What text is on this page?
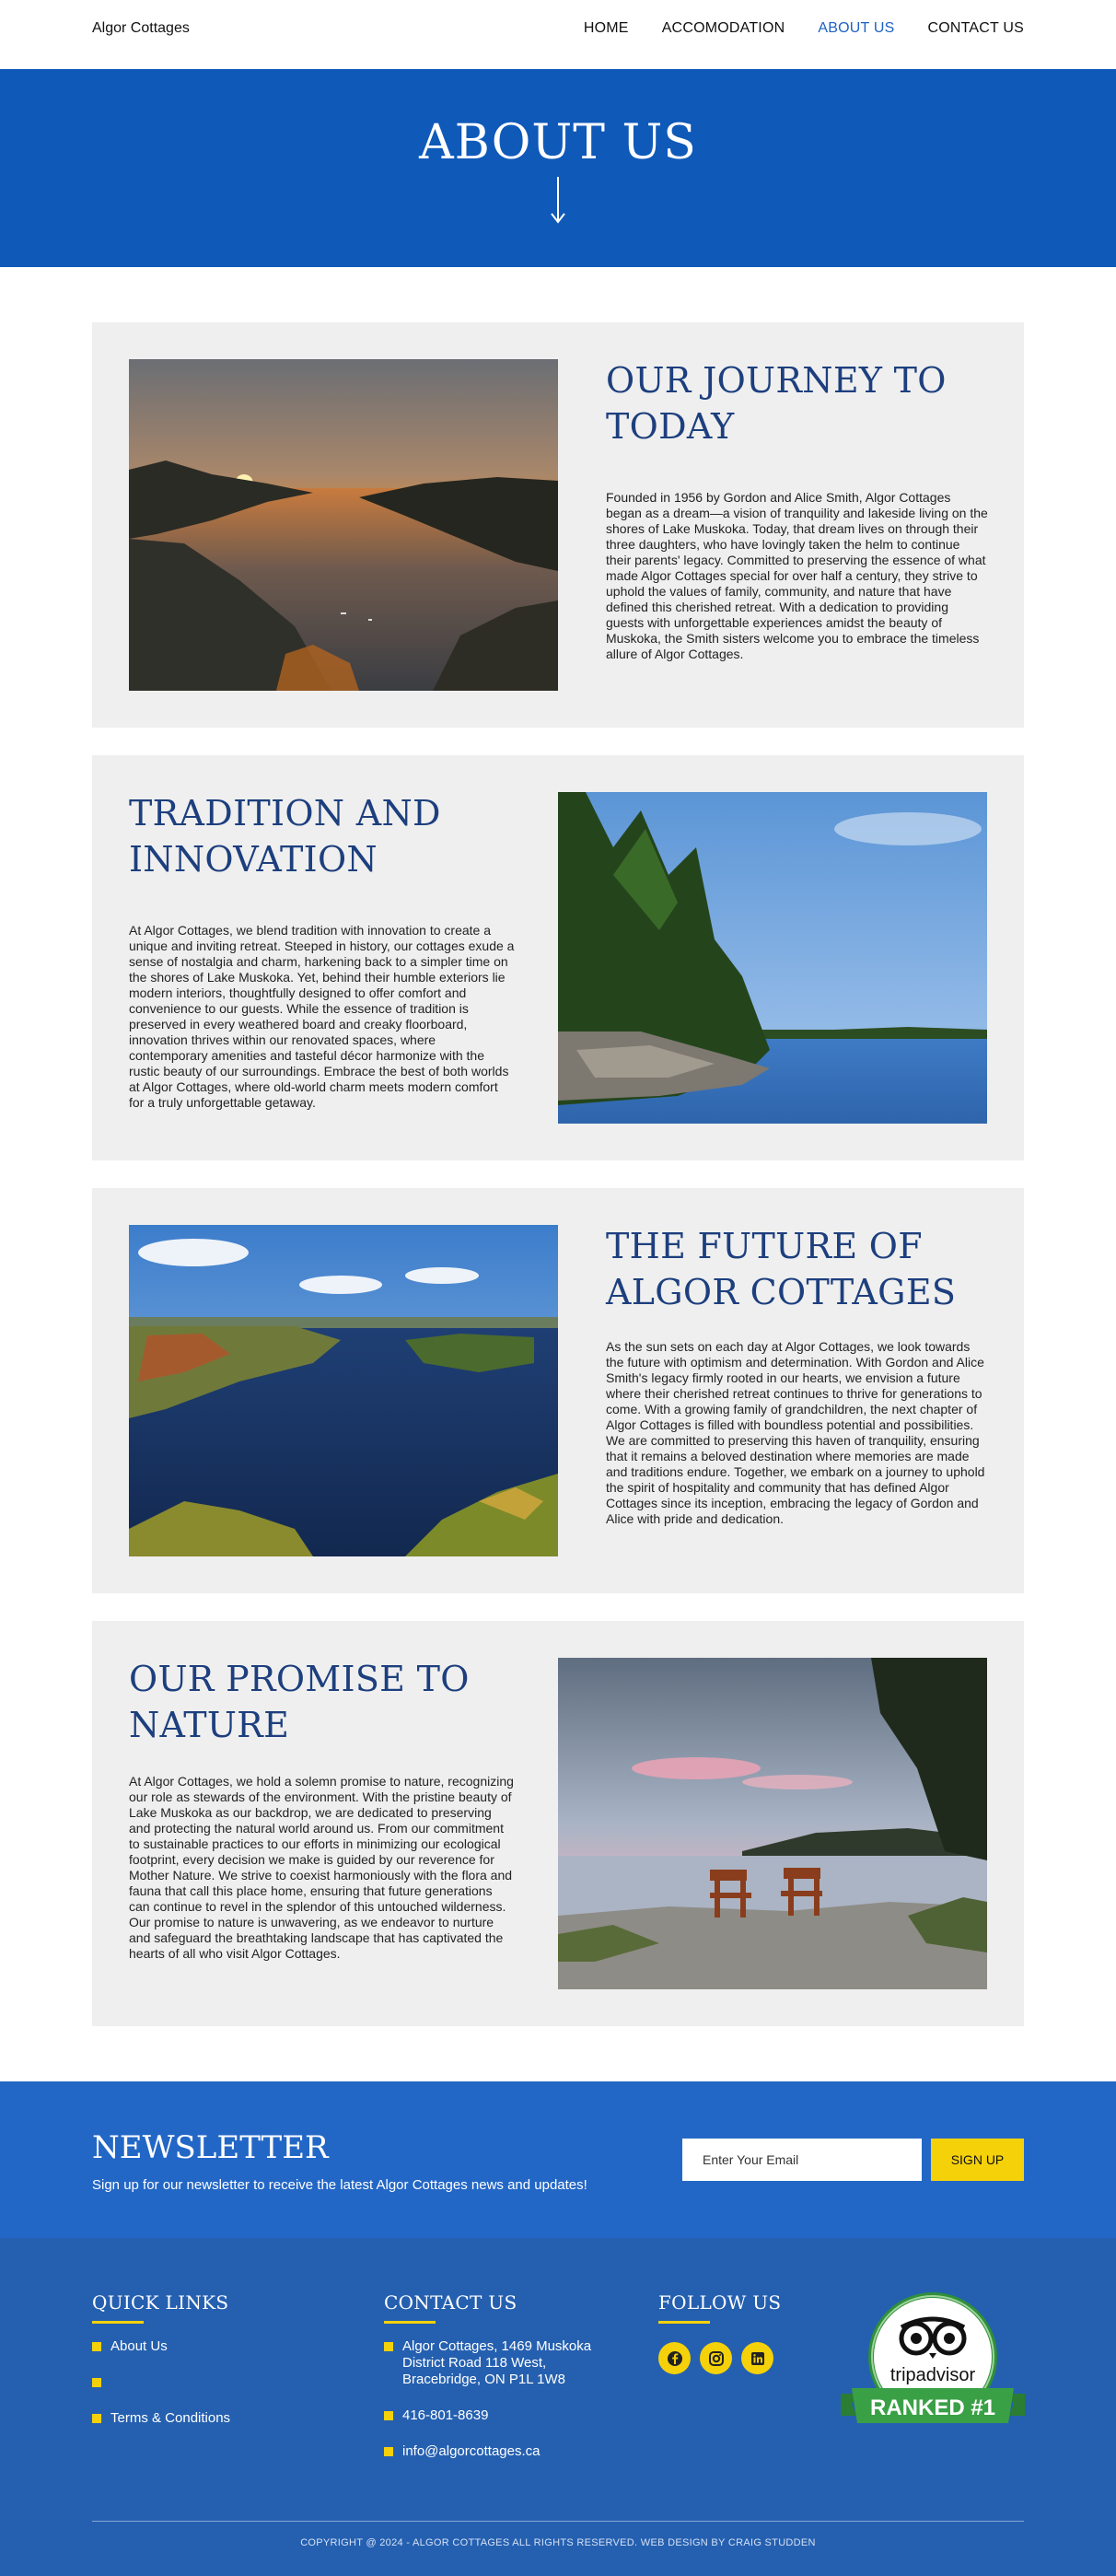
Algor Cottages	HOME ACCOMODATION ABOUT US CONTACT US
ABOUT US
OUR JOURNEY TO TODAY

Founded in 1956 by Gordon and Alice Smith, Algor Cottages began as a dream—a vision of tranquility and lakeside living on the shores of Lake Muskoka. Today, that dream lives on through their three daughters, who have lovingly taken the helm to continue their parents' legacy. Committed to preserving the essence of what made Algor Cottages special for over half a century, they strive to uphold the values of family, community, and nature that have defined this cherished retreat. With a dedication to providing guests with unforgettable experiences amidst the beauty of Muskoka, the Smith sisters welcome you to embrace the timeless allure of Algor Cottages.

TRADITION AND INNOVATION

At Algor Cottages, we blend tradition with innovation to create a unique and inviting retreat. Steeped in history, our cottages exude a sense of nostalgia and charm, harkening back to a simpler time on the shores of Lake Muskoka. Yet, behind their humble exteriors lie modern interiors, thoughtfully designed to offer comfort and convenience to our guests. While the essence of tradition is preserved in every weathered board and creaky floorboard, innovation thrives within our renovated spaces, where contemporary amenities and tasteful décor harmonize with the rustic beauty of our surroundings. Embrace the best of both worlds at Algor Cottages, where old-world charm meets modern comfort for a truly unforgettable getaway.

THE FUTURE OF ALGOR COTTAGES

As the sun sets on each day at Algor Cottages, we look towards the future with optimism and determination. With Gordon and Alice Smith's legacy firmly rooted in our hearts, we envision a future where their cherished retreat continues to thrive for generations to come. With a growing family of grandchildren, the next chapter of Algor Cottages is filled with boundless potential and possibilities. We are committed to preserving this haven of tranquility, ensuring that it remains a beloved destination where memories are made and traditions endure. Together, we embark on a journey to uphold the spirit of hospitality and community that has defined Algor Cottages since its inception, embracing the legacy of Gordon and Alice with pride and dedication.

OUR PROMISE TO NATURE

At Algor Cottages, we hold a solemn promise to nature, recognizing our role as stewards of the environment. With the pristine beauty of Lake Muskoka as our backdrop, we are dedicated to preserving and protecting the natural world around us. From our commitment to sustainable practices to our efforts in minimizing our ecological footprint, every decision we make is guided by our reverence for Mother Nature. We strive to coexist harmoniously with the flora and fauna that call this place home, ensuring that future generations can continue to revel in the splendor of this untouched wilderness. Our promise to nature is unwavering, as we endeavor to nurture and safeguard the breathtaking landscape that has captivated the hearts of all who visit Algor Cottages.

NEWSLETTER
Sign up for our newsletter to receive the latest Algor Cottages news and updates!
Enter Your Email
SIGN UP
QUICK LINKS
About Us
Terms & Conditions
CONTACT US
Algor Cottages, 1469 Muskoka District Road 118 West, Bracebridge, ON P1L 1W8
416-801-8639
info@algorcottages.ca
FOLLOW US
tripadvisor
RANKED #1
COPYRIGHT @ 2024 - ALGOR COTTAGES ALL RIGHTS RESERVED. WEB DESIGN BY CRAIG STUDDEN
